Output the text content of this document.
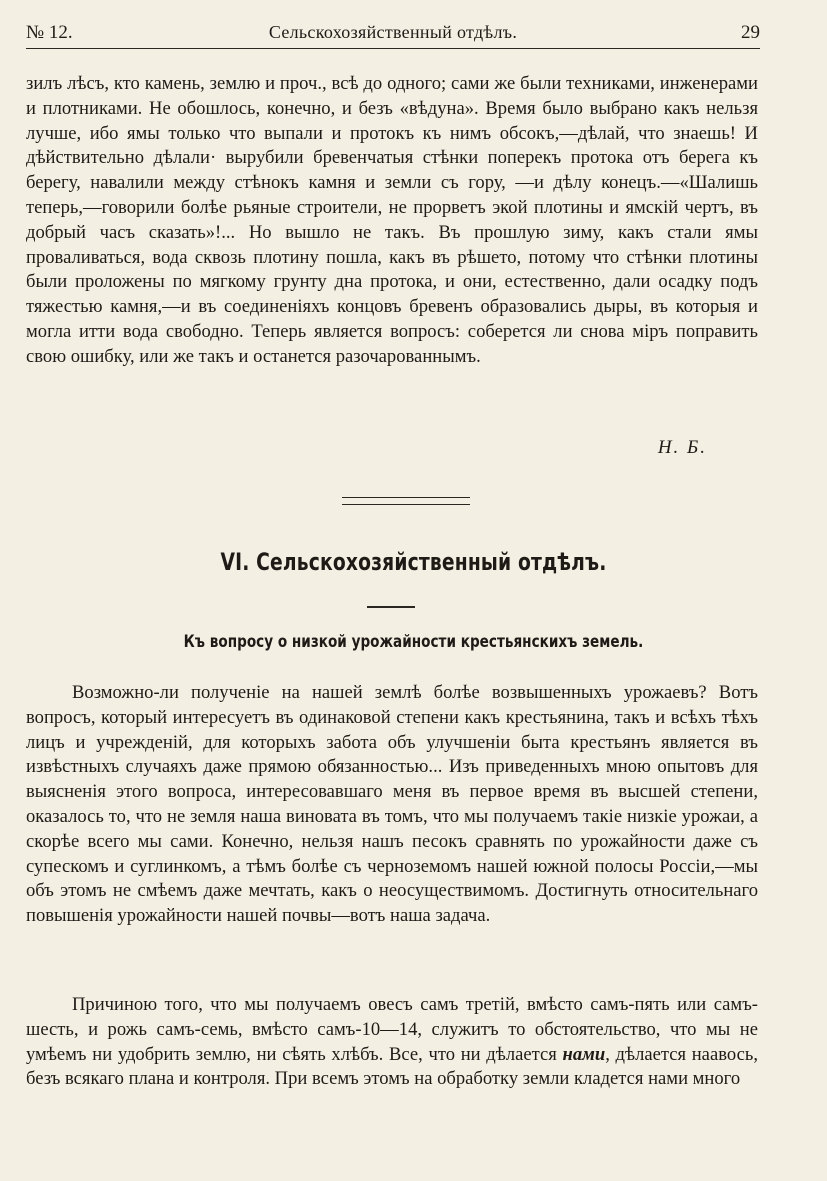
№ 12.	Сельскохозяйственный отдѣлъ.	29

зилъ лѣсъ, кто камень, землю и проч., всѣ до одного; сами же были техниками, инженерами и плотниками. Не обошлось, конечно, и безъ «вѣдуна». Время было выбрано какъ нельзя лучше, ибо ямы только что выпали и протокъ къ нимъ обсокъ,—дѣлай, что знаешь! И дѣйствительно дѣлали· вырубили бревенчатыя стѣнки поперекъ протока отъ берега къ берегу, навалили между стѣнокъ камня и земли съ гору, —и дѣлу конецъ.—«Шалишь теперь,—говорили болѣе рьяные строители, не прорветъ экой плотины и ямскій чертъ, въ добрый часъ сказать»!... Но вышло не такъ. Въ прошлую зиму, какъ стали ямы проваливаться, вода сквозь плотину пошла, какъ въ рѣшето, потому что стѣнки плотины были проложены по мягкому грунту дна протока, и они, естественно, дали осадку подъ тяжестью камня,—и въ соединеніяхъ концовъ бревенъ образовались дыры, въ которыя и могла итти вода свободно. Теперь является вопросъ: соберется ли снова міръ поправить свою ошибку, или же такъ и останется разочарованнымъ.

Н. Б.
VI. Сельскохозяйственный отдѣлъ.
Къ вопросу о низкой урожайности крестьянскихъ земель.

Возможно-ли полученіе на нашей землѣ болѣе возвышенныхъ урожаевъ? Вотъ вопросъ, который интересуетъ въ одинаковой степени какъ крестьянина, такъ и всѣхъ тѣхъ лицъ и учрежденій, для которыхъ забота объ улучшеніи быта крестьянъ является въ извѣстныхъ случаяхъ даже прямою обязанностью... Изъ приведенныхъ мною опытовъ для выясненія этого вопроса, интересовавшаго меня въ первое время въ высшей степени, оказалось то, что не земля наша виновата въ томъ, что мы получаемъ такіе низкіе урожаи, а скорѣе всего мы сами. Конечно, нельзя нашъ песокъ сравнять по урожайности даже съ супескомъ и суглинкомъ, а тѣмъ болѣе съ черноземомъ нашей южной полосы Россіи,—мы объ этомъ не смѣемъ даже мечтать, какъ о неосуществимомъ. Достигнуть относительнаго повышенія урожайности нашей почвы—вотъ наша задача.

Причиною того, что мы получаемъ овесъ самъ третій, вмѣсто самъ-пять или самъ-шесть, и рожь самъ-семь, вмѣсто самъ-10—14, служитъ то обстоятельство, что мы не умѣемъ ни удобрить землю, ни сѣять хлѣбъ. Все, что ни дѣлается нами, дѣлается наавось, безъ всякаго плана и контроля. При всемъ этомъ на обработку земли кладется нами много
